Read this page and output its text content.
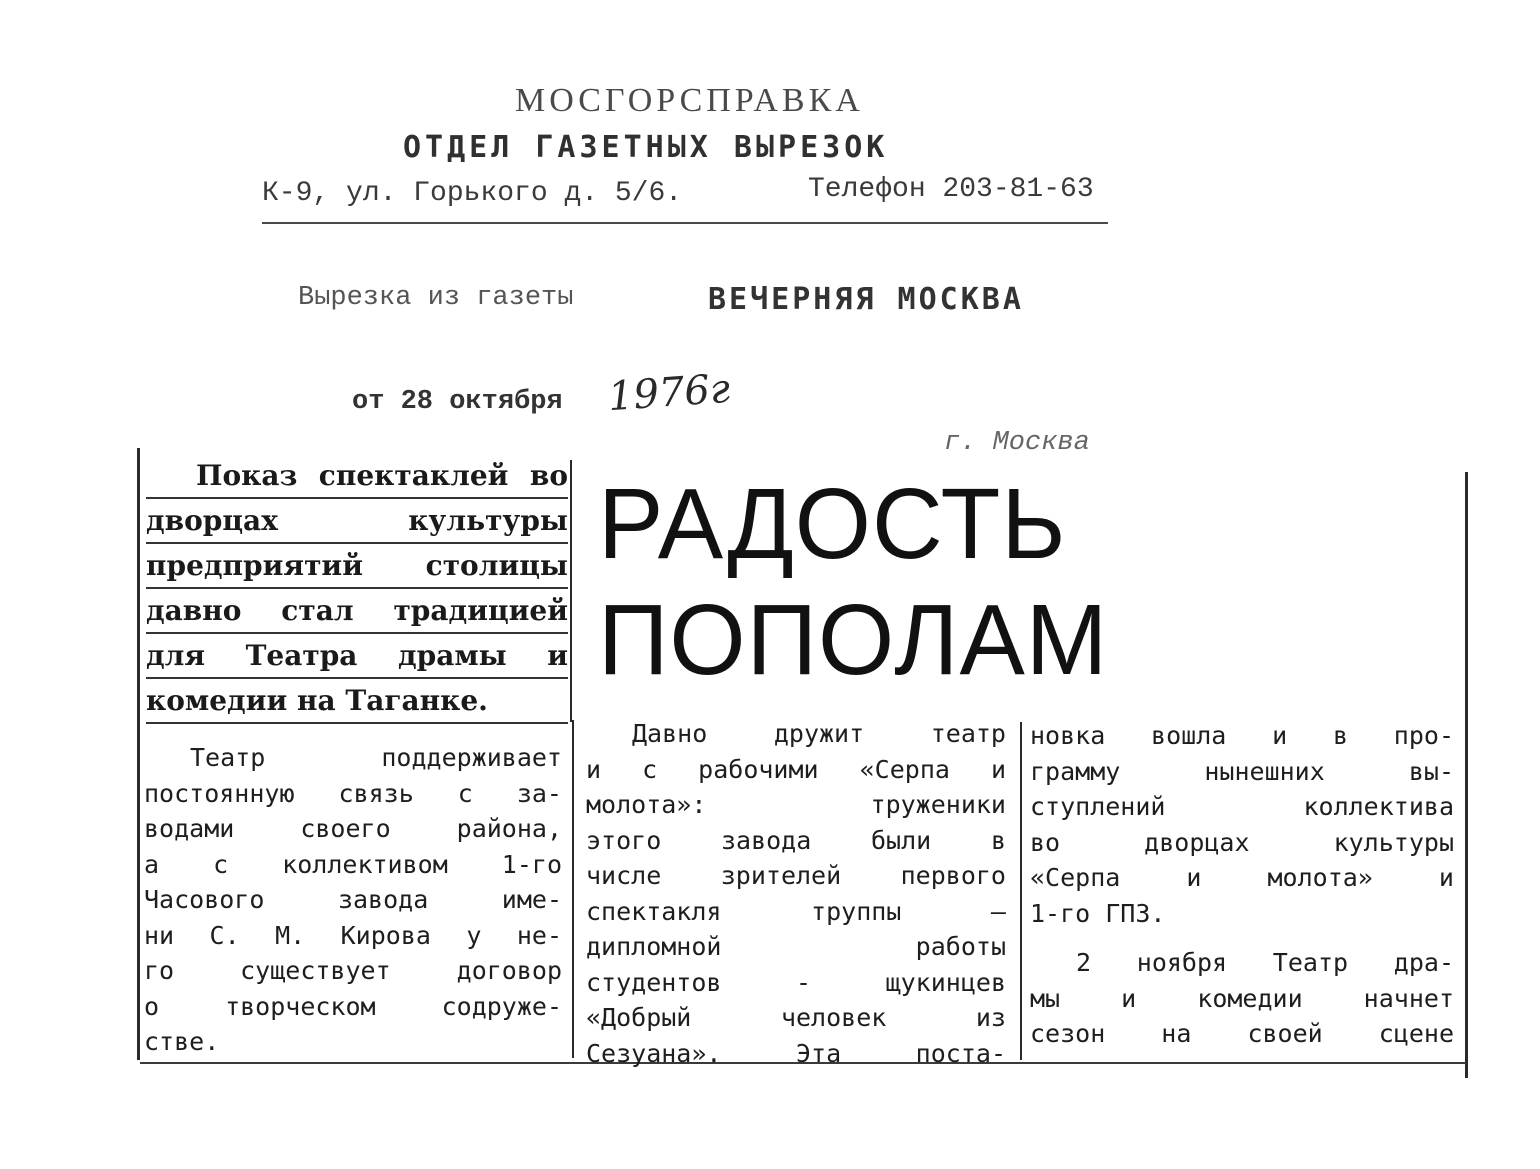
МОСГОРСПРАВКА
ОТДЕЛ ГАЗЕТНЫХ ВЫРЕЗОК
К-9, ул. Горького д. 5/6.	Телефон 203-81-63
Вырезка из газеты	ВЕЧЕРНЯЯ МОСКВА
от 28 октября 1976г
г. Москва
Показ спектаклей во
дворцах культуры
предприятий столицы
давно стал традицией
для Театра драмы и
комедии на Таганке.
РАДОСТЬ
ПОПОЛАМ
Театр поддерживает
постоянную связь с за-
водами своего района,
а с коллективом 1-го
Часового завода име-
ни С. М. Кирова у не-
го существует договор
о творческом содруже-
стве.
Давно дружит театр
и с рабочими «Серпа и
молота»: труженики
этого завода были в
числе зрителей первого
спектакля труппы —
дипломной работы
студентов - щукинцев
«Добрый человек из
Сезуана». Эта поста-
новка вошла и в про-
грамму нынешних вы-
ступлений коллектива
во дворцах культуры
«Серпа и молота» и
1-го ГПЗ.
2 ноября Театр дра-
мы и комедии начнет
сезон на своей сцене
